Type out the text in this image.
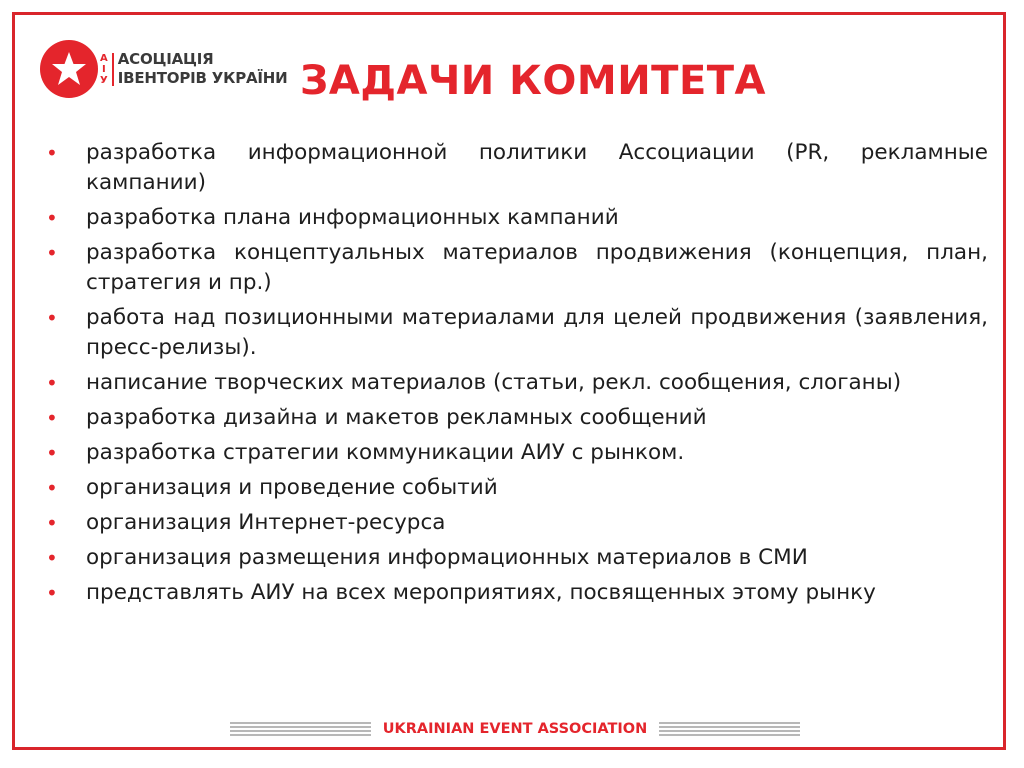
А
І
У
АСОЦІАЦІЯ
ІВЕНТОРІВ УКРАЇНИ ЗАДАЧИ КОМИТЕТА
• разработка информационной политики Ассоциации (PR, рекламные кампании)
• разработка плана информационных кампаний
• разработка концептуальных материалов продвижения (концепция, план, стратегия и пр.)
• работа над позиционными материалами для целей продвижения (заявления, пресс-релизы).
• написание творческих материалов (статьи, рекл. сообщения, слоганы)
• разработка дизайна и макетов рекламных сообщений
• разработка стратегии коммуникации АИУ с рынком.
• организация и проведение событий
• организация Интернет-ресурса
• организация размещения информационных материалов в СМИ
• представлять АИУ на всех мероприятиях, посвященных этому рынку
UKRAINIAN EVENT ASSOCIATION
